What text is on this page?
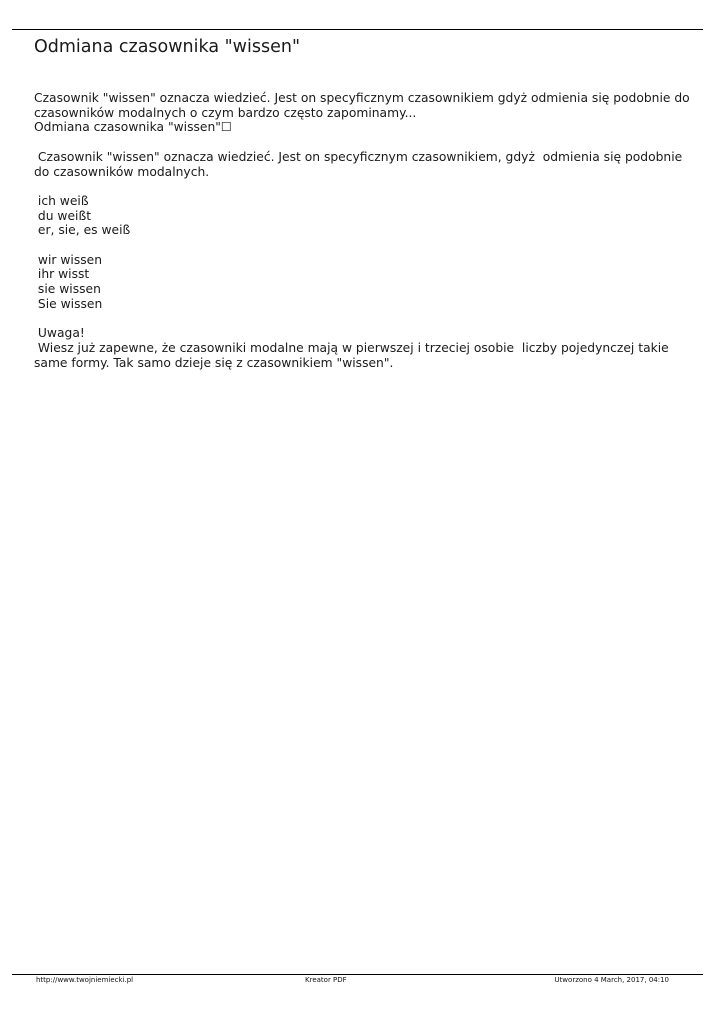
Odmiana czasownika "wissen"

Czasownik "wissen" oznacza wiedzieć. Jest on specyficznym czasownikiem gdyż odmienia się podobnie do

czasowników modalnych o czym bardzo często zapominamy...

Odmiana czasownika "wissen"☐

Czasownik "wissen" oznacza wiedzieć. Jest on specyficznym czasownikiem, gdyż  odmienia się podobnie

do czasowników modalnych.

ich weiß

du weißt

er, sie, es weiß

wir wissen

ihr wisst

sie wissen

Sie wissen

Uwaga!

Wiesz już zapewne, że czasowniki modalne mają w pierwszej i trzeciej osobie  liczby pojedynczej takie

same formy. Tak samo dzieje się z czasownikiem "wissen".

http://www.twojniemiecki.pl	Kreator PDF	Utworzono 4 March, 2017, 04:10
